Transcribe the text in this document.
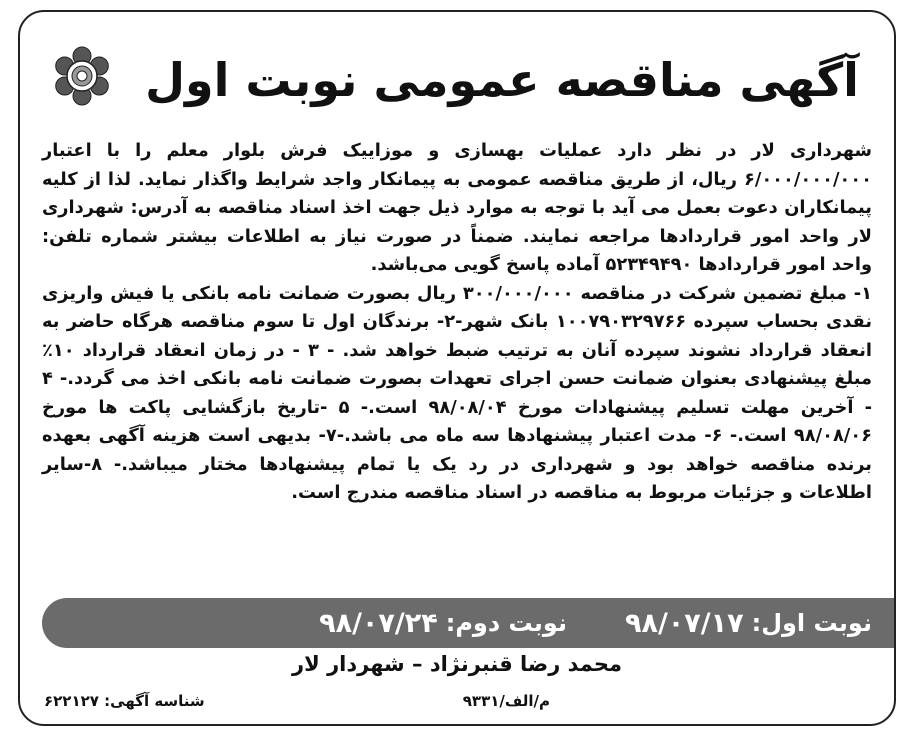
آگهی مناقصه عمومی نوبت اول

شهرداری لار در نظر دارد عملیات بهسازی و موزاییک فرش بلوار معلم را با اعتبار ۶/۰۰۰/۰۰۰/۰۰۰ ریال، از طریق مناقصه عمومی به پیمانکار واجد شرایط واگذار نماید. لذا از کلیه پیمانکاران دعوت بعمل می آید با توجه به موارد ذیل جهت اخذ اسناد مناقصه به آدرس: شهرداری لار واحد امور قراردادها مراجعه نمایند. ضمناً در صورت نیاز به اطلاعات بیشتر شماره تلفن: واحد امور قراردادها ۵۲۳۴۹۴۹۰ آماده پاسخ گویی می‌باشد.

۱- مبلغ تضمین شرکت در مناقصه ۳۰۰/۰۰۰/۰۰۰ ریال بصورت ضمانت نامه بانکی یا فیش واریزی نقدی بحساب سپرده ۱۰۰۷۹۰۳۲۹۷۶۶ بانک شهر-۲- برندگان اول تا سوم مناقصه هرگاه حاضر به انعقاد قرارداد نشوند سپرده آنان به ترتیب ضبط خواهد شد. - ۳ - در زمان انعقاد قرارداد ۱۰٪ مبلغ پیشنهادی بعنوان ضمانت حسن اجرای تعهدات بصورت ضمانت نامه بانکی اخذ می گردد.- ۴ - آخرین مهلت تسلیم پیشنهادات مورخ ۹۸/۰۸/۰۴ است.- ۵ -تاریخ بازگشایی پاکت ها مورخ ۹۸/۰۸/۰۶ است.- ۶- مدت اعتبار پیشنهادها سه ماه می باشد.-۷- بدیهی است هزینه آگهی بعهده برنده مناقصه خواهد بود و شهرداری در رد یک یا تمام پیشنهادها مختار میباشد.- ۸-سایر اطلاعات و جزئیات مربوط به مناقصه در اسناد مناقصه مندرج است.

نوبت اول:
۹۸/۰۷/۱۷
نوبت دوم:
۹۸/۰۷/۲۴

محمد رضا قنبرنژاد – شهردار لار

م/الف/۹۳۳۱
شناسه آگهی: ۶۲۲۱۲۷
